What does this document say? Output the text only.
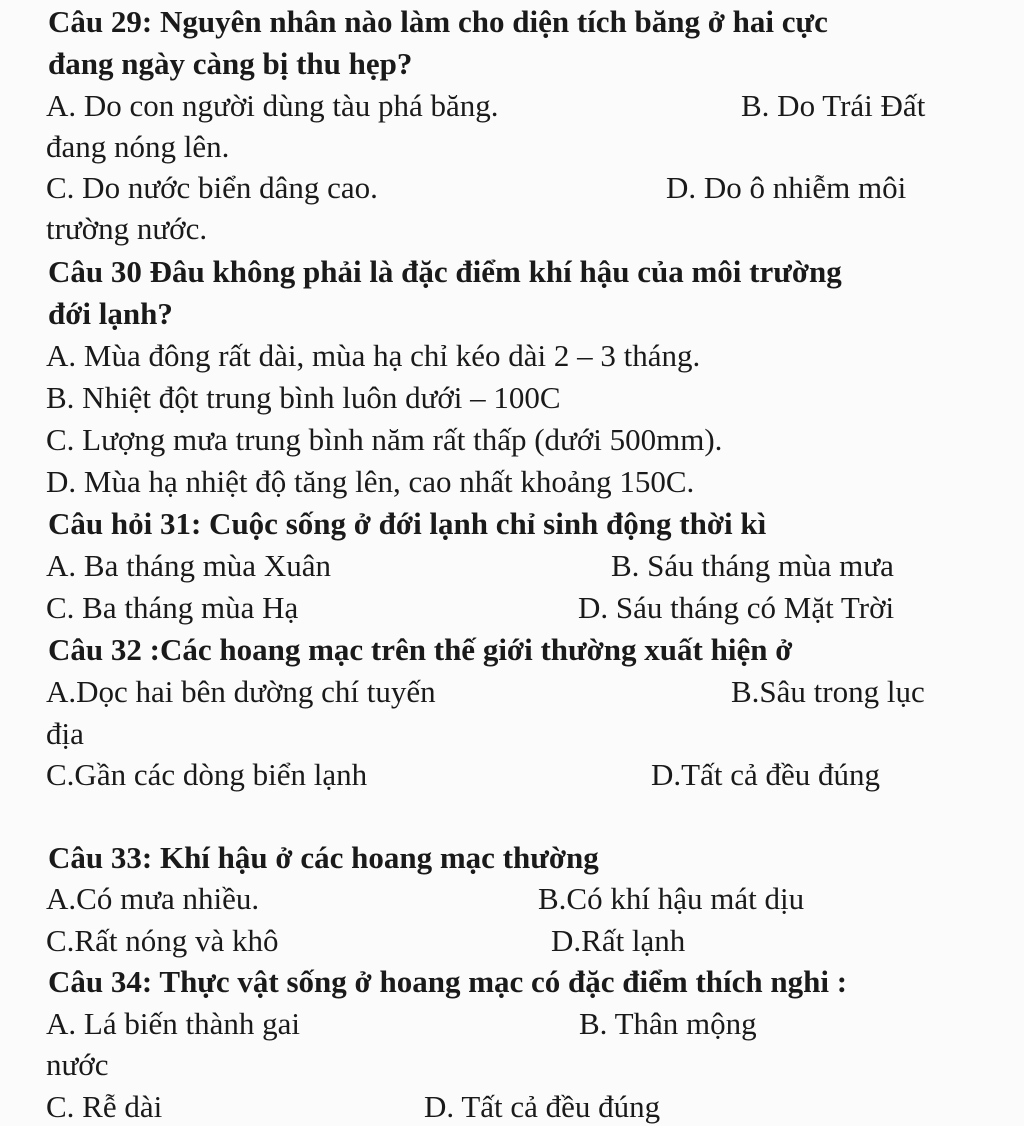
Câu 29: Nguyên nhân nào làm cho diện tích băng ở hai cực
đang ngày càng bị thu hẹp?
A. Do con người dùng tàu phá băng.	B. Do Trái Đất
đang nóng lên.
C. Do nước biển dâng cao.	D. Do ô nhiễm môi
trường nước.
Câu 30 Đâu không phải là đặc điểm khí hậu của môi trường
đới lạnh?
A. Mùa đông rất dài, mùa hạ chỉ kéo dài 2 – 3 tháng.
B. Nhiệt đột trung bình luôn dưới – 100C
C. Lượng mưa trung bình năm rất thấp (dưới 500mm).
D. Mùa hạ nhiệt độ tăng lên, cao nhất khoảng 150C.
Câu hỏi 31: Cuộc sống ở đới lạnh chỉ sinh động thời kì
A. Ba tháng mùa Xuân	B. Sáu tháng mùa mưa
C. Ba tháng mùa Hạ	D. Sáu tháng có Mặt Trời
Câu 32 :Các hoang mạc trên thế giới thường xuất hiện ở
A.Dọc hai bên dường chí tuyến	B.Sâu trong lục
địa
C.Gần các dòng biển lạnh	D.Tất cả đều đúng
Câu 33: Khí hậu ở các hoang mạc thường
A.Có mưa nhiều.	B.Có khí hậu mát dịu
C.Rất nóng và khô	D.Rất lạnh
Câu 34: Thực vật sống ở hoang mạc có đặc điểm thích nghi :
A. Lá biến thành gai	B. Thân mộng
nước
C. Rễ dài	D. Tất cả đều đúng
